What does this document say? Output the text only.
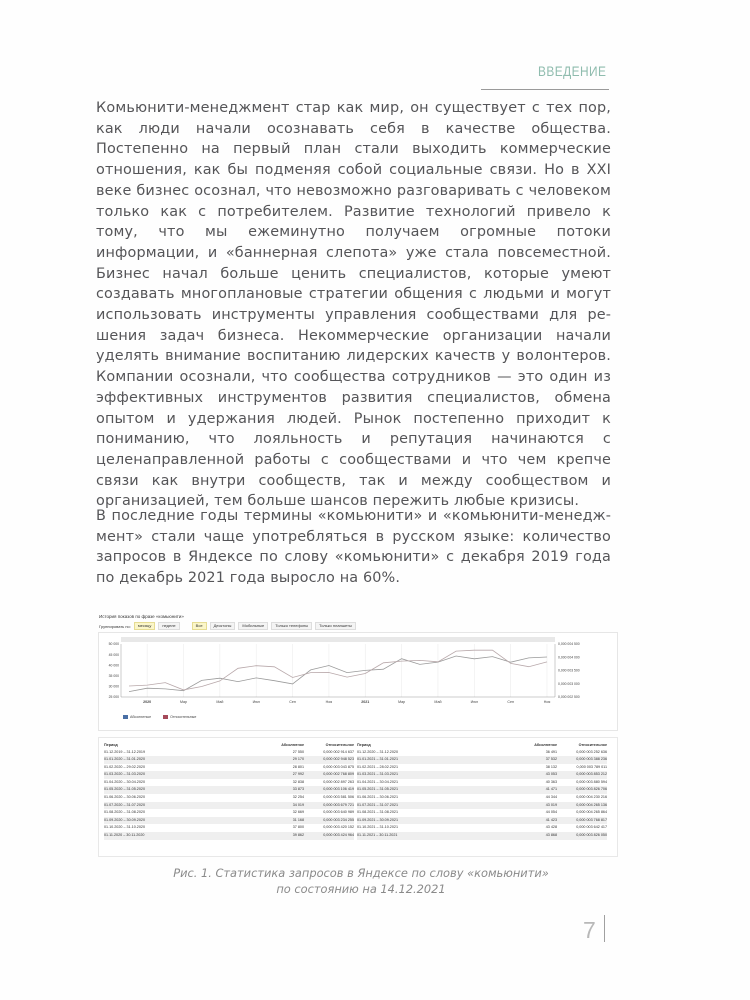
ВВЕДЕНИЕ

Комьюнити-менеджмент стар как мир, он существует с тех пор, как люди начали осознавать себя в качестве общества. Постепенно на первый план стали выходить коммерческие отношения, как бы подменяя собой социальные связи. Но в XXI веке бизнес осознал, что невозможно разговаривать с человеком только как с потребителем. Развитие технологий привело к тому, что мы ежеминутно получаем огромные потоки информации, и «баннерная слепота» уже стала повсеместной. Бизнес начал больше ценить специалистов, которые умеют создавать многоплановые стратегии общения с людьми и могут использовать инструменты управления сообществами для решения задач бизнеса. Некоммерческие организации начали уделять внимание воспитанию лидерских качеств у волонтеров. Компании осознали, что сообщества сотрудников — это один из эффективных инструментов развития специалистов, обмена опытом и удержания людей. Рынок постепенно приходит к пониманию, что лояльность и репутация начинаются с целенаправленной работы с сообществами и что чем крепче связи как внутри сообществ, так и между сообществом и организацией, тем больше шансов пережить любые кризисы.

В последние годы термины «комьюнити» и «комьюнити-менеджмент» стали чаще употребляться в русском языке: количество запросов в Яндексе по слову «комьюнити» с декабря 2019 года по декабрь 2021 года выросло на 60%.

История показов по фразе «комьюнити»
Группировать по:	месяцу	неделе	Все	Десктопы	Мобильные	Только телефоны	Только планшеты
2020	Мар	Май	Июл	Сен	Ноя	2021	Мар	Май	Июл	Сен	Ноя
25 000
30 000
35 000
40 000
45 000
50 000
0,000 002 500
0,000 003 000
0,000 003 500
0,000 004 000
0,000 004 500
Абсолютные	Относительные
Период	Абсолютное	Относительное
01.12.2019 – 31.12.2019	27 550	0,000 002 914 637
01.01.2020 – 31.01.2020	29 170	0,000 002 948 523
01.02.2020 – 29.02.2020	28 801	0,000 003 043 875
01.03.2020 – 31.03.2020	27 992	0,000 002 768 809
01.04.2020 – 30.04.2020	32 838	0,000 002 897 263
01.05.2020 – 31.05.2020	33 873	0,000 003 106 419
01.06.2020 – 30.06.2020	32 254	0,000 003 581 506
01.07.2020 – 31.07.2020	34 019	0,000 003 679 721
01.08.2020 – 31.08.2020	32 669	0,000 003 640 989
01.09.2020 – 30.09.2020	31 168	0,000 003 234 255
01.10.2020 – 31.10.2020	37 800	0,000 003 420 152
01.11.2020 – 30.11.2020	39 862	0,000 003 424 964
Период	Абсолютное	Относительное
01.12.2020 – 31.12.2020	36 491	0,000 003 252 636
01.01.2021 – 31.01.2021	37 532	0,000 003 388 236
01.02.2021 – 28.02.2021	38 132	0,000 003 789 011
01.03.2021 – 31.03.2021	43 053	0,000 003 853 212
01.04.2021 – 30.04.2021	40 363	0,000 003 880 594
01.05.2021 – 31.05.2021	41 471	0,000 003 826 706
01.06.2021 – 30.06.2021	44 344	0,000 004 230 216
01.07.2021 – 31.07.2021	43 019	0,000 004 265 136
01.08.2021 – 31.08.2021	44 054	0,000 004 265 864
01.09.2021 – 30.09.2021	41 423	0,000 003 768 817
01.10.2021 – 31.10.2021	43 428	0,000 003 642 417
01.11.2021 – 30.11.2021	43 868	0,000 003 826 050
Рис. 1. Статистика запросов в Яндексе по слову «комьюнити»
по состоянию на 14.12.2021
7
